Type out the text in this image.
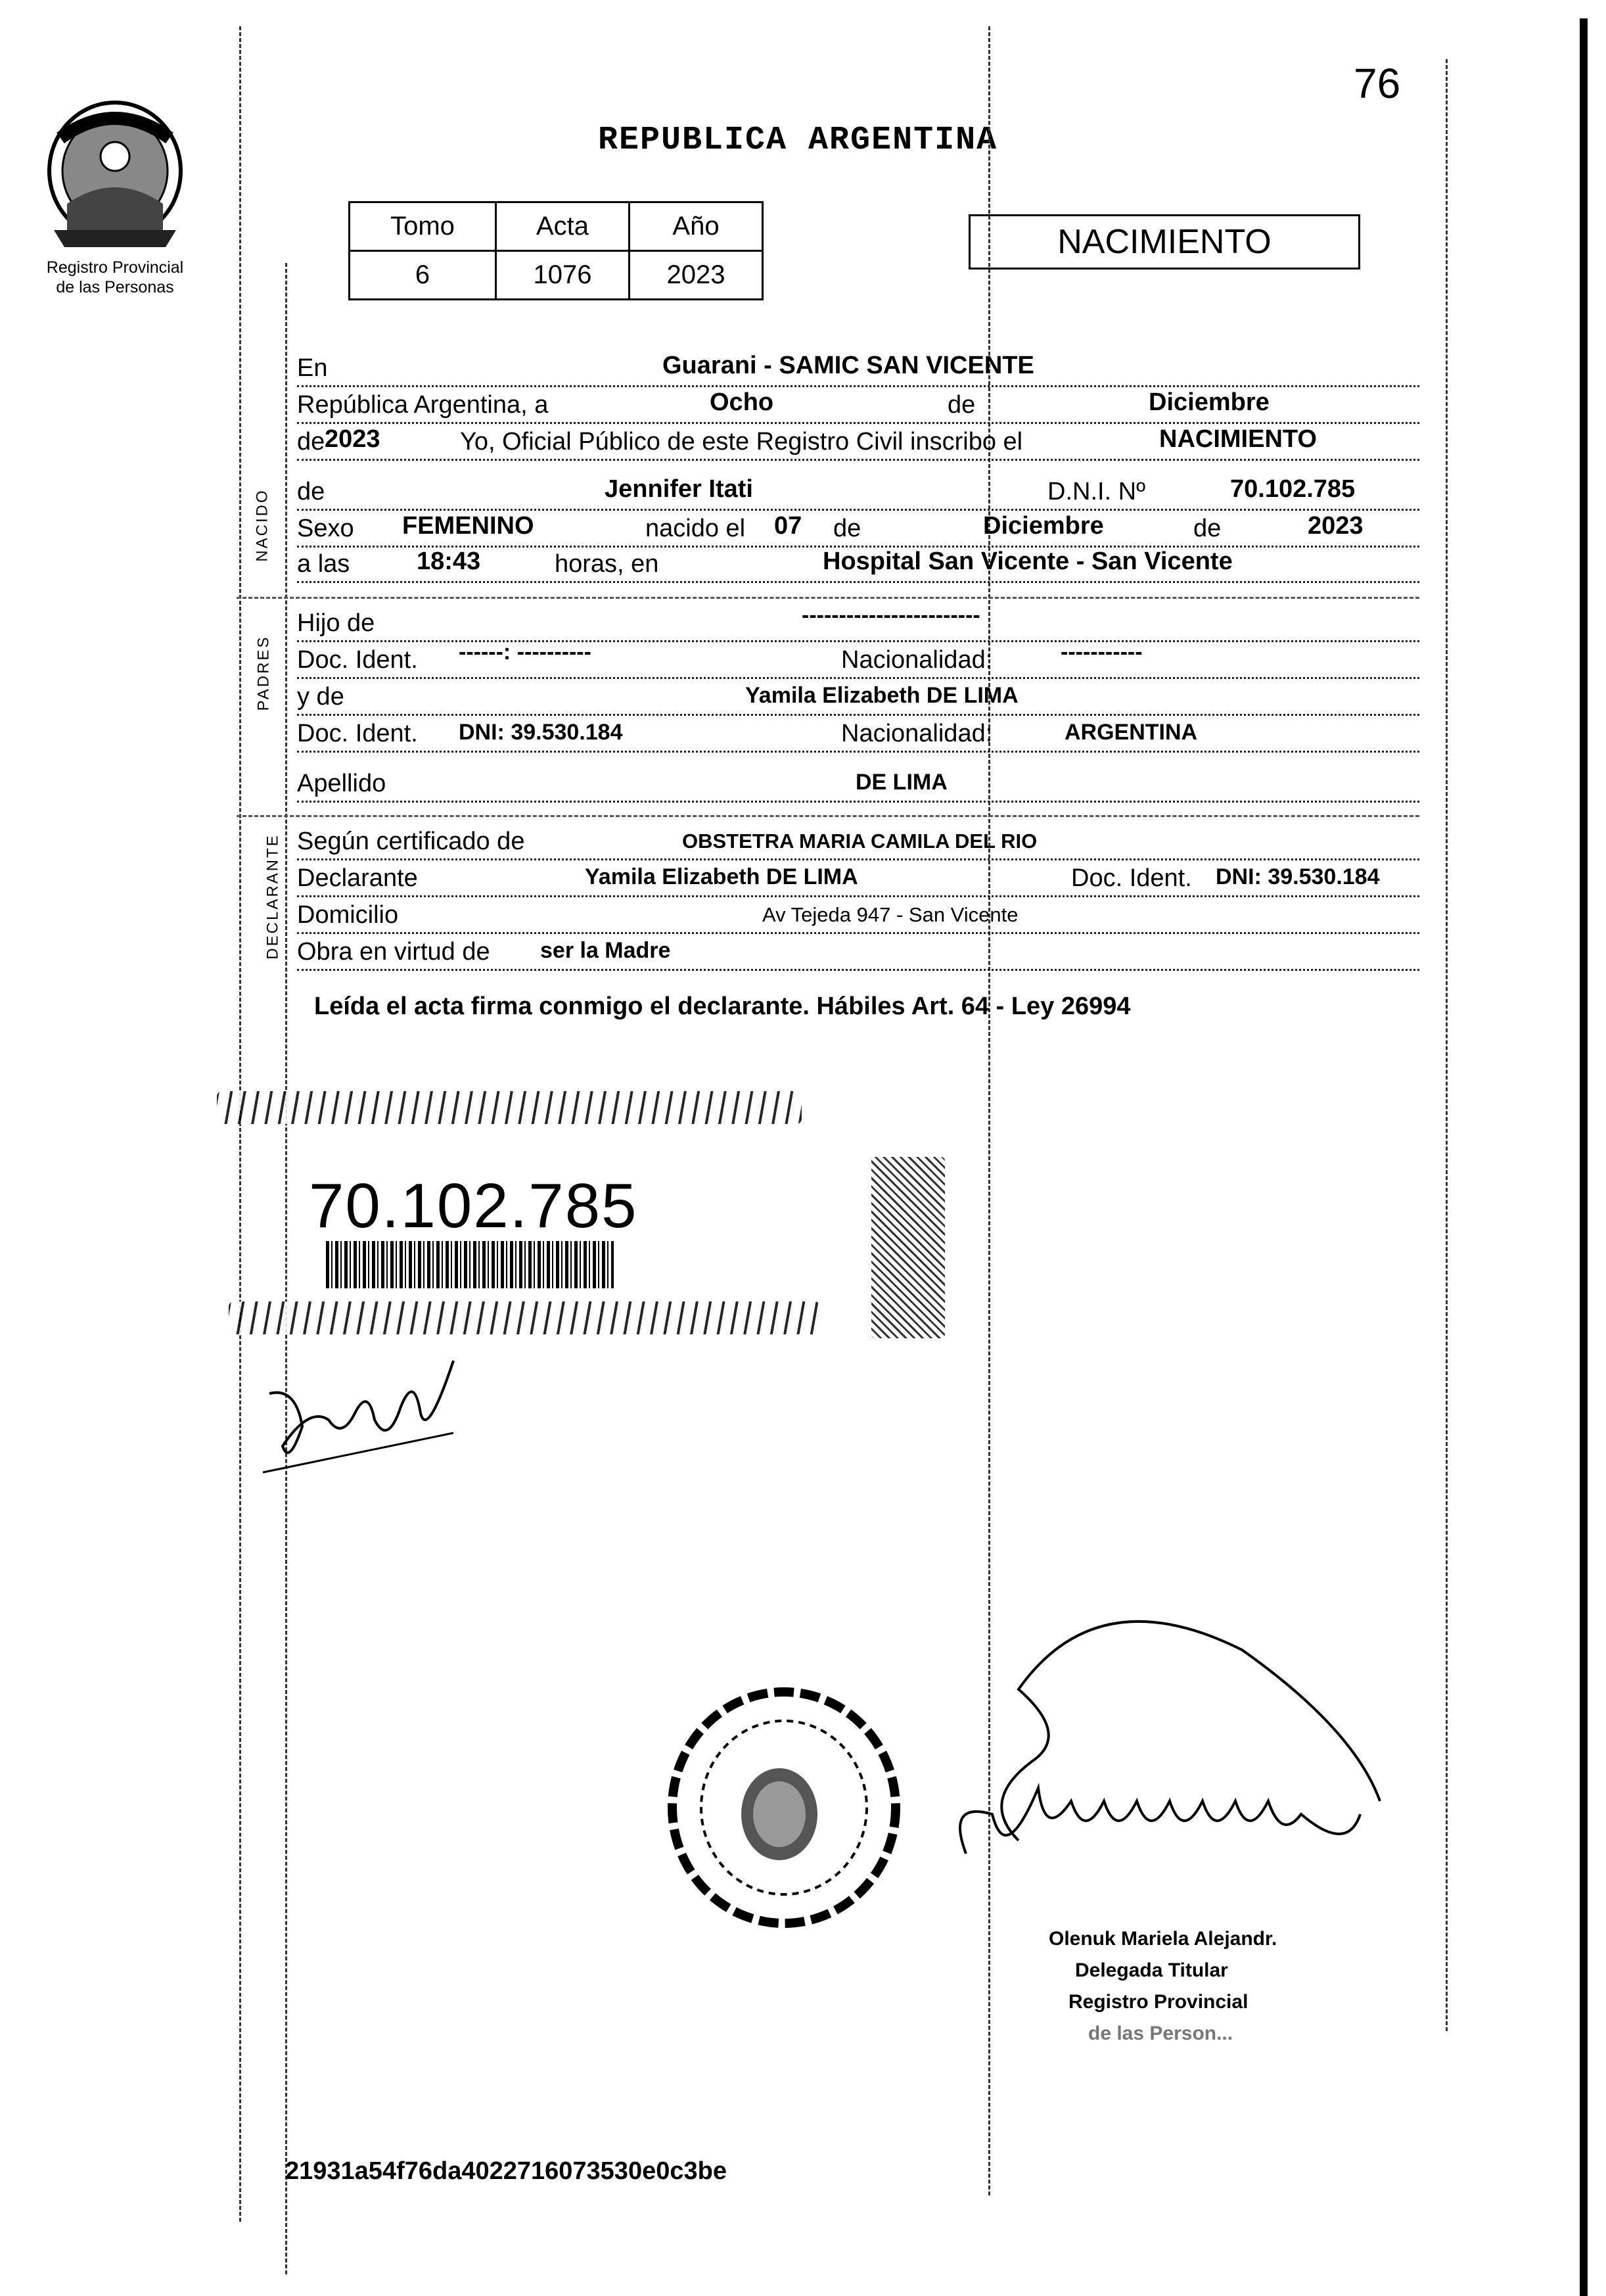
76
Registro Provincial
de las Personas
REPUBLICA ARGENTINA
Tomo	Acta	Año
6	1076	2023
NACIMIENTO
NACIDO
PADRES
DECLARANTE
En	Guarani - SAMIC SAN VICENTE
República Argentina, a	Ocho	de	Diciembre
de 2023	Yo, Oficial Público de este Registro Civil inscribo el	NACIMIENTO
de	Jennifer Itati	D.N.I. Nº	70.102.785
Sexo FEMENINO	nacido el 07 de	Diciembre	de	2023
a las	18:43	horas, en	Hospital San Vicente - San Vicente
Hijo de	------------------------
Doc. Ident. ------: ----------	Nacionalidad:	-----------
y de	Yamila Elizabeth DE LIMA
Doc. Ident. DNI: 39.530.184	Nacionalidad:	ARGENTINA
Apellido	DE LIMA
Según certificado de	OBSTETRA MARIA CAMILA DEL RIO
Declarante	Yamila Elizabeth DE LIMA	Doc. Ident. DNI: 39.530.184
Domicilio	Av Tejeda 947 - San Vicente
Obra en virtud de ser la Madre
Leída el acta firma conmigo el declarante. Hábiles Art. 64 - Ley 26994
70.102.785
Olenuk Mariela Alejandr.
Delegada Titular
Registro Provincial
de las Person...
21931a54f76da4022716073530e0c3be
